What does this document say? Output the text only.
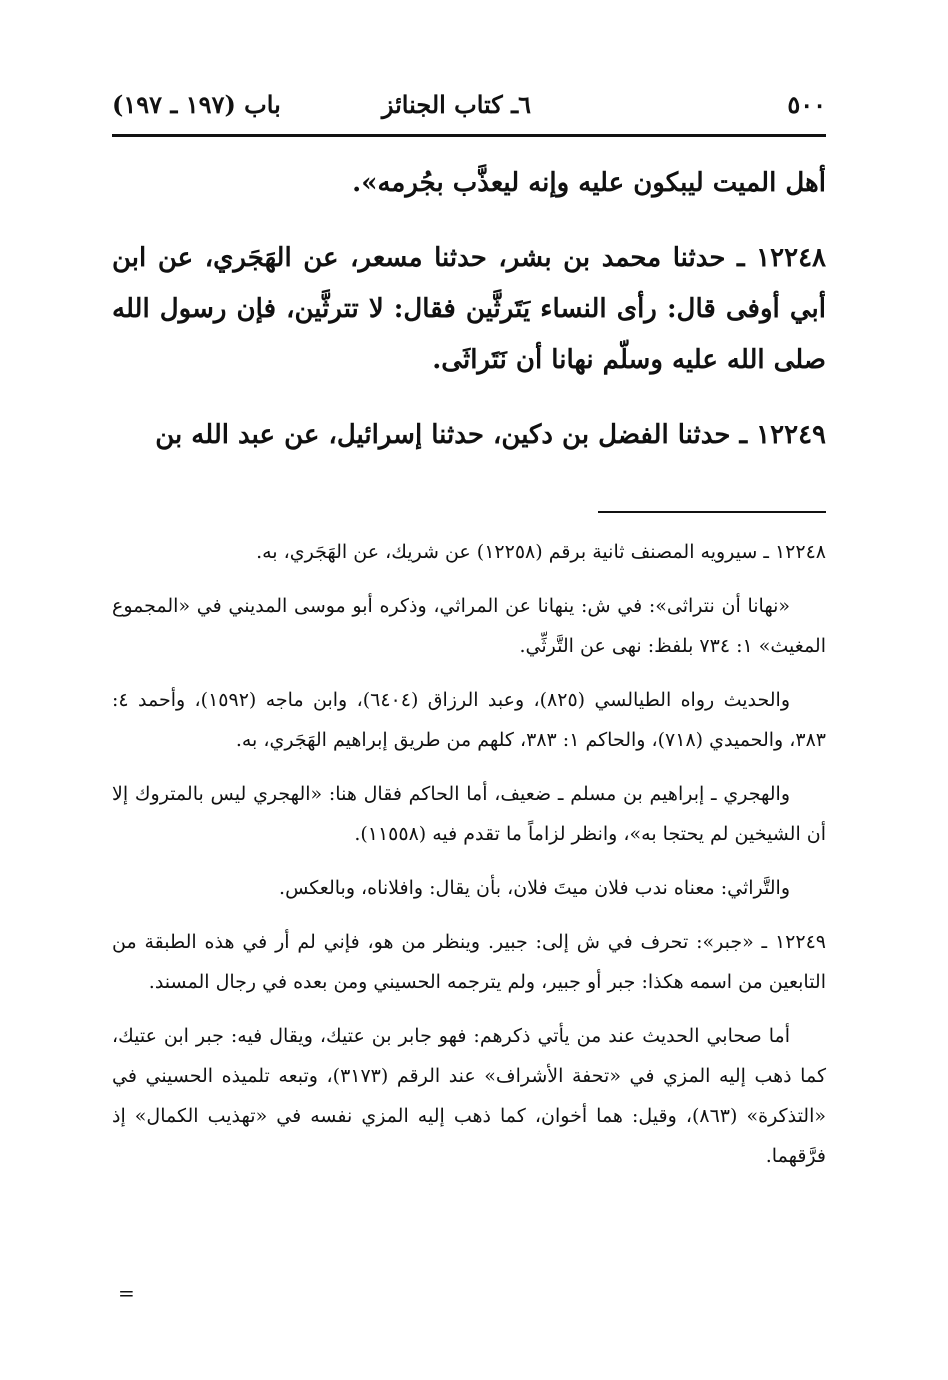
٥٠٠
٦ـ كتاب الجنائز
باب (١٩٧ ـ ١٩٧)

أهل الميت ليبكون عليه وإنه ليعذَّب بجُرمه».

١٢٢٤٨ ـ حدثنا محمد بن بشر، حدثنا مسعر، عن الهَجَري، عن ابن أبي أوفى قال: رأى النساء يَتَرثَّين فقال: لا تترثَّين، فإن رسول الله صلى الله عليه وسلّم نهانا أن نَتَراثَى.

١٢٢٤٩ ـ حدثنا الفضل بن دكين، حدثنا إسرائيل، عن عبد الله بن

١٢٢٤٨ ـ سيرويه المصنف ثانية برقم (١٢٢٥٨) عن شريك، عن الهَجَري، به.

«نهانا أن نتراثى»: في ش: ينهانا عن المراثي، وذكره أبو موسى المديني في «المجموع المغيث» ١: ٧٣٤ بلفظ: نهى عن التَّرثِّي.

والحديث رواه الطيالسي (٨٢٥)، وعبد الرزاق (٦٤٠٤)، وابن ماجه (١٥٩٢)، وأحمد ٤: ٣٨٣، والحميدي (٧١٨)، والحاكم ١: ٣٨٣، كلهم من طريق إبراهيم الهَجَري، به.

والهجري ـ إبراهيم بن مسلم ـ ضعيف، أما الحاكم فقال هنا: «الهجري ليس بالمتروك إلا أن الشيخين لم يحتجا به»، وانظر لزاماً ما تقدم فيه (١١٥٥٨).

والتَّراثي: معناه ندب فلان ميتَ فلان، بأن يقال: وافلاناه، وبالعكس.

١٢٢٤٩ ـ «جبر»: تحرف في ش إلى: جبير. وينظر من هو، فإني لم أر في هذه الطبقة من التابعين من اسمه هكذا: جبر أو جبير، ولم يترجمه الحسيني ومن بعده في رجال المسند.

أما صحابي الحديث عند من يأتي ذكرهم: فهو جابر بن عتيك، ويقال فيه: جبر ابن عتيك، كما ذهب إليه المزي في «تحفة الأشراف» عند الرقم (٣١٧٣)، وتبعه تلميذه الحسيني في «التذكرة» (٨٦٣)، وقيل: هما أخوان، كما ذهب إليه المزي نفسه في «تهذيب الكمال» إذ فرَّقهما.

=
